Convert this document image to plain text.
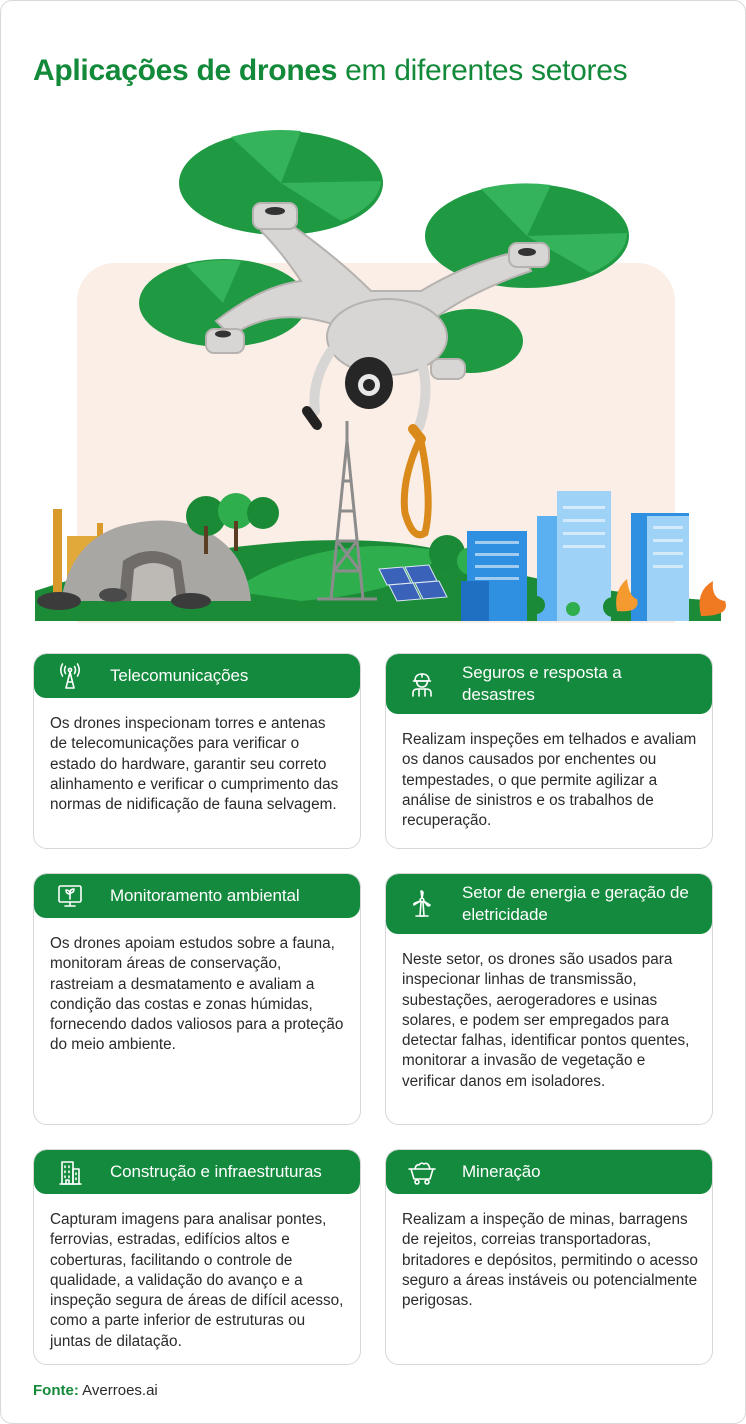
Aplicações de drones em diferentes setores
Telecomunicações

Os drones inspecionam torres e antenas de telecomunicações para verificar o estado do hardware, garantir seu correto alinhamento e verificar o cumprimento das normas de nidificação de fauna selvagem.

Seguros e resposta a desastres

Realizam inspeções em telhados e avaliam os danos causados por enchentes ou tempestades, o que permite agilizar a análise de sinistros e os trabalhos de recuperação.

Monitoramento ambiental

Os drones apoiam estudos sobre a fauna, monitoram áreas de conservação, rastreiam a desmatamento e avaliam a condição das costas e zonas húmidas, fornecendo dados valiosos para a proteção do meio ambiente.

Setor de energia e geração de eletricidade

Neste setor, os drones são usados para inspecionar linhas de transmissão, subestações, aerogeradores e usinas solares, e podem ser empregados para detectar falhas, identificar pontos quentes, monitorar a invasão de vegetação e verificar danos em isoladores.

Construção e infraestruturas

Capturam imagens para analisar pontes, ferrovias, estradas, edifícios altos e coberturas, facilitando o controle de qualidade, a validação do avanço e a inspeção segura de áreas de difícil acesso, como a parte inferior de estruturas ou juntas de dilatação.

Mineração

Realizam a inspeção de minas, barragens de rejeitos, correias transportadoras, britadores e depósitos, permitindo o acesso seguro a áreas instáveis ou potencialmente perigosas.

Fonte: Averroes.ai
